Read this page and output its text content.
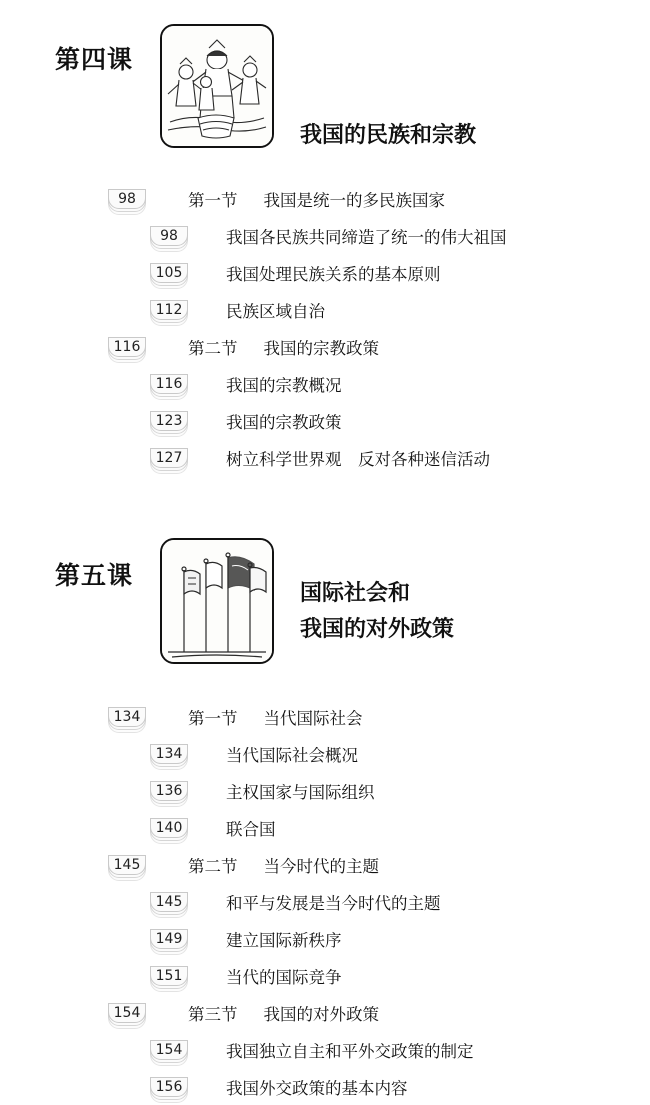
第四课
我国的民族和宗教
98	第一节 我国是统一的多民族国家
98	我国各民族共同缔造了统一的伟大祖国
105	我国处理民族关系的基本原则
112	民族区域自治
116	第二节 我国的宗教政策
116	我国的宗教概况
123	我国的宗教政策
127	树立科学世界观　反对各种迷信活动
第五课
国际社会和
我国的对外政策
134	第一节 当代国际社会
134	当代国际社会概况
136	主权国家与国际组织
140	联合国
145	第二节 当今时代的主题
145	和平与发展是当今时代的主题
149	建立国际新秩序
151	当代的国际竞争
154	第三节 我国的对外政策
154	我国独立自主和平外交政策的制定
156	我国外交政策的基本内容
